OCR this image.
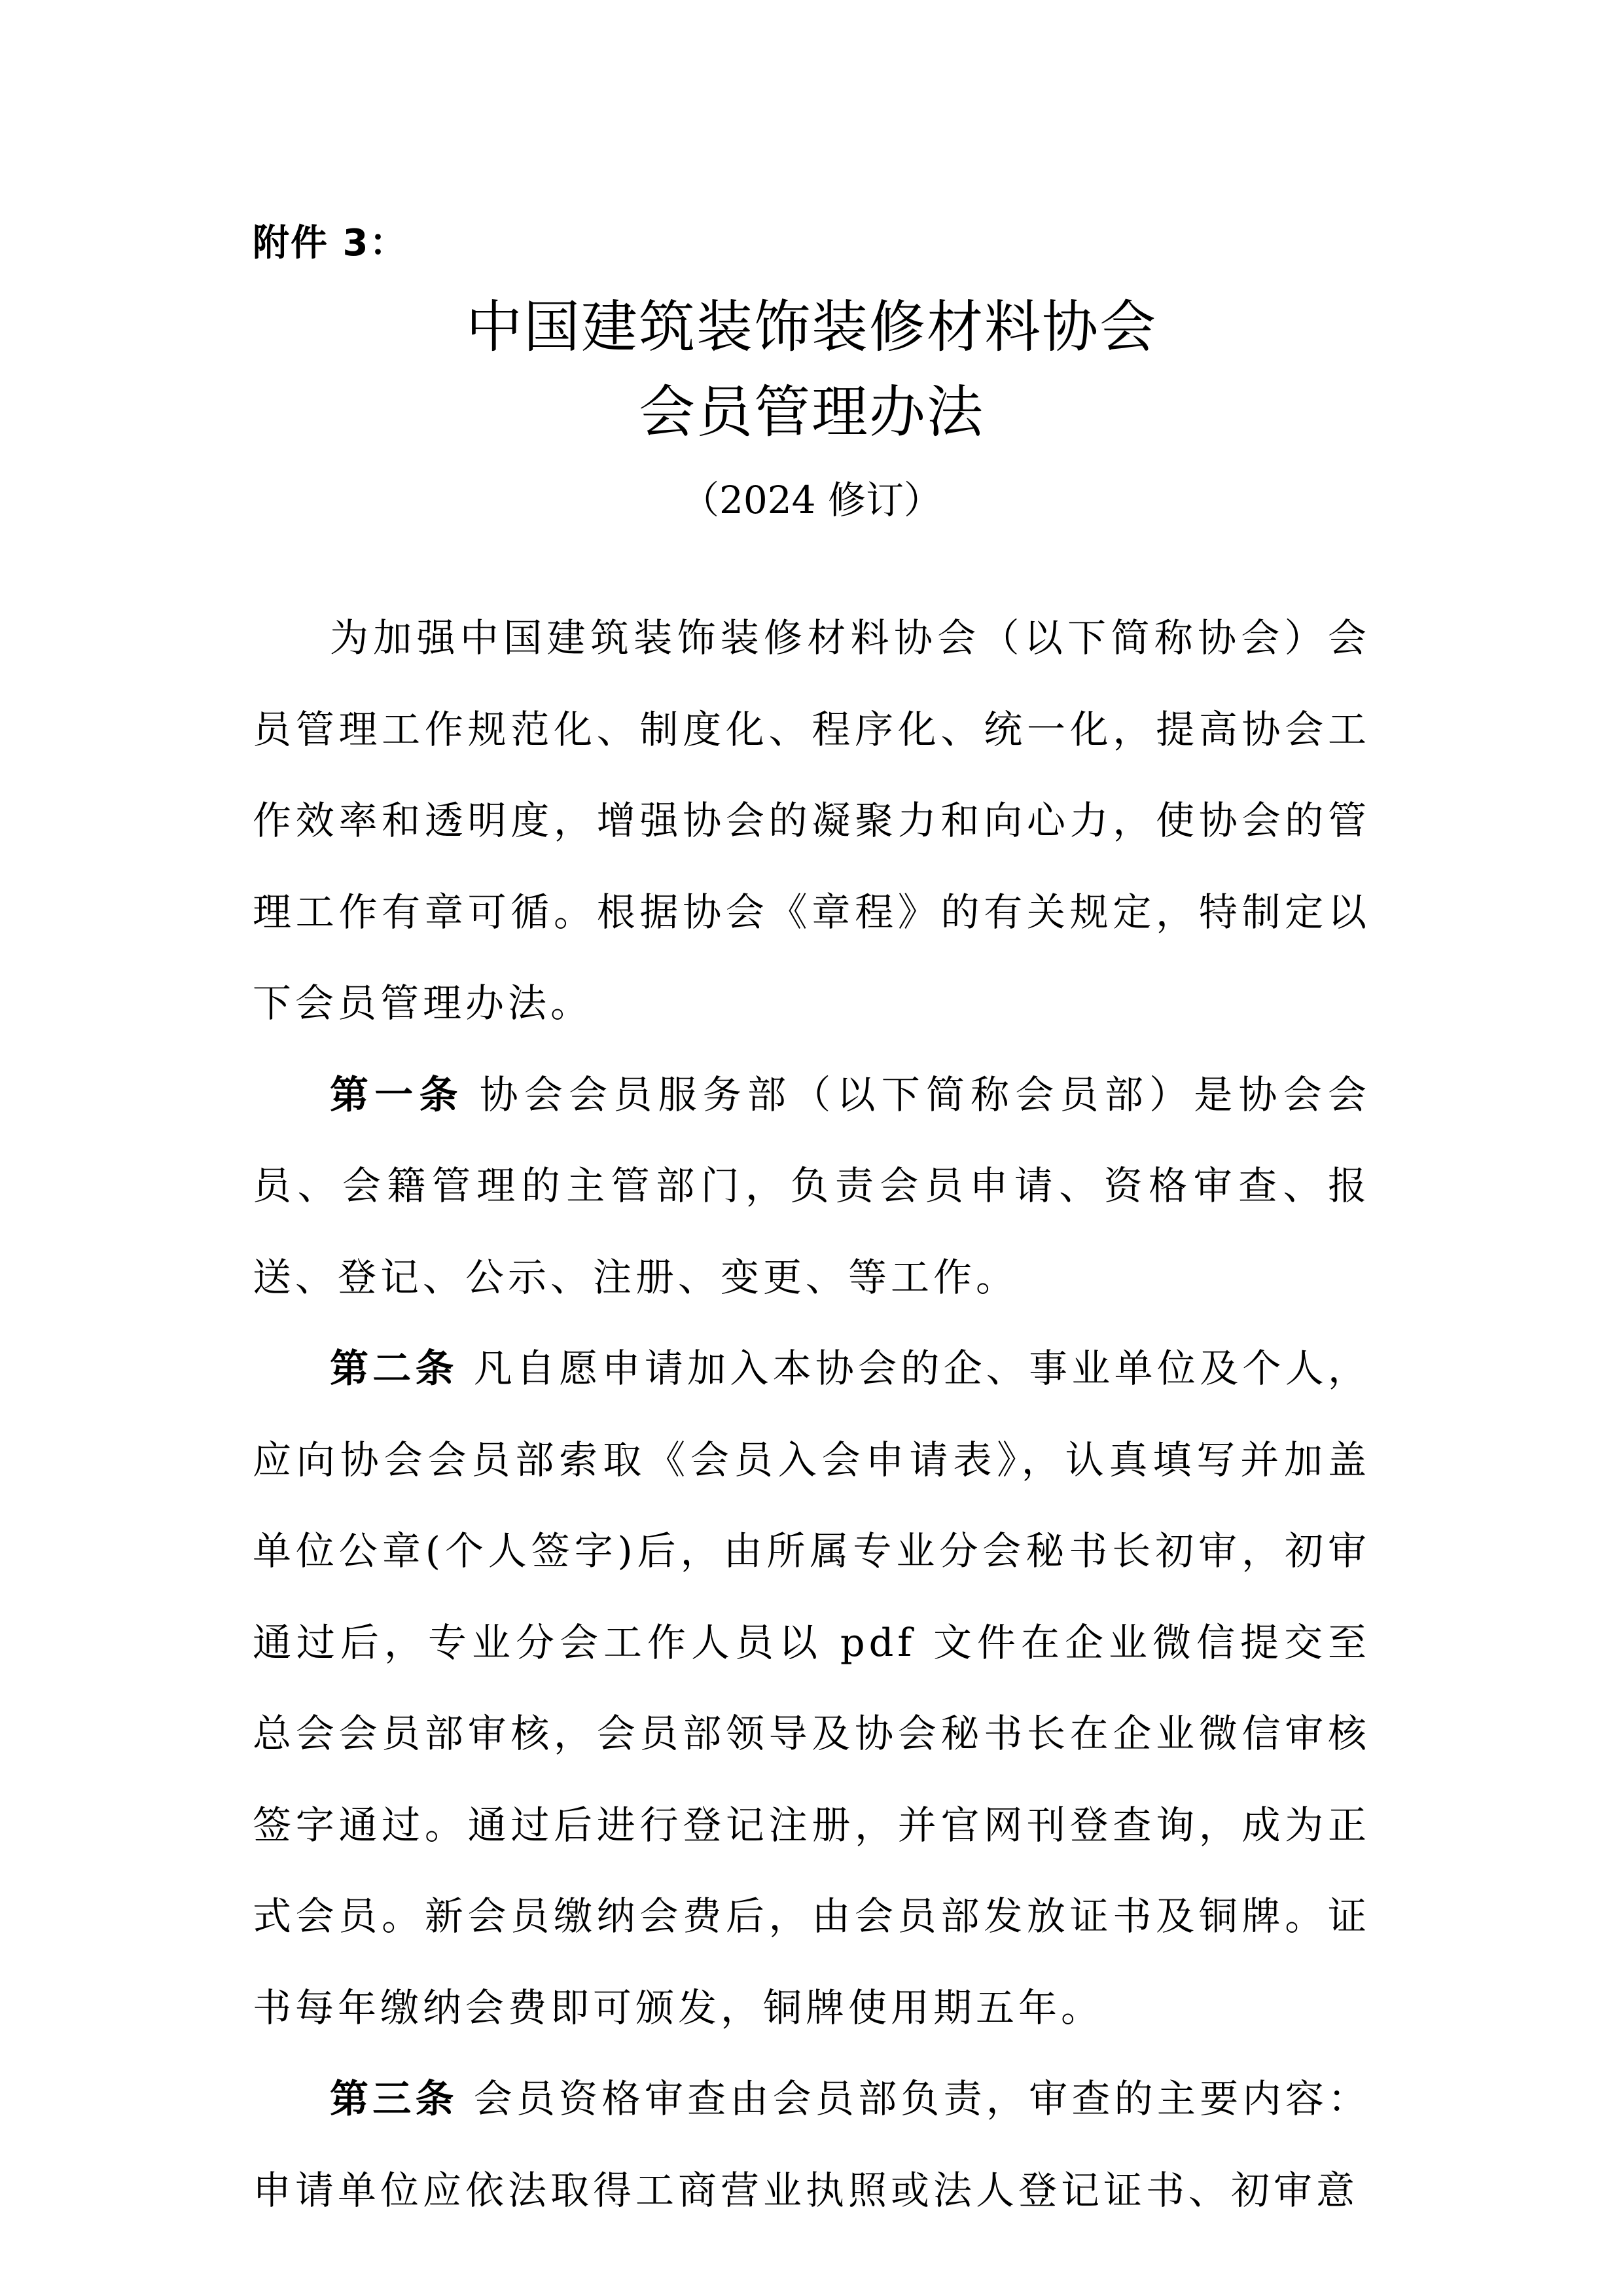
附件 3：
中国建筑装饰装修材料协会
会员管理办法
（2024 修订）

为加强中国建筑装饰装修材料协会（以下简称协会）会员管理工作规范化、制度化、程序化、统一化，提高协会工作效率和透明度，增强协会的凝聚力和向心力，使协会的管理工作有章可循。根据协会《章程》的有关规定，特制定以下会员管理办法。

第一条 协会会员服务部（以下简称会员部）是协会会员、会籍管理的主管部门，负责会员申请、资格审查、报送、登记、公示、注册、变更、等工作。

第二条 凡自愿申请加入本协会的企、事业单位及个人，应向协会会员部索取《会员入会申请表》，认真填写并加盖单位公章(个人签字)后，由所属专业分会秘书长初审，初审通过后，专业分会工作人员以 pdf 文件在企业微信提交至总会会员部审核，会员部领导及协会秘书长在企业微信审核签字通过。通过后进行登记注册，并官网刊登查询，成为正式会员。新会员缴纳会费后，由会员部发放证书及铜牌。证书每年缴纳会费即可颁发，铜牌使用期五年。

第三条 会员资格审查由会员部负责，审查的主要内容：申请单位应依法取得工商营业执照或法人登记证书、初审意
